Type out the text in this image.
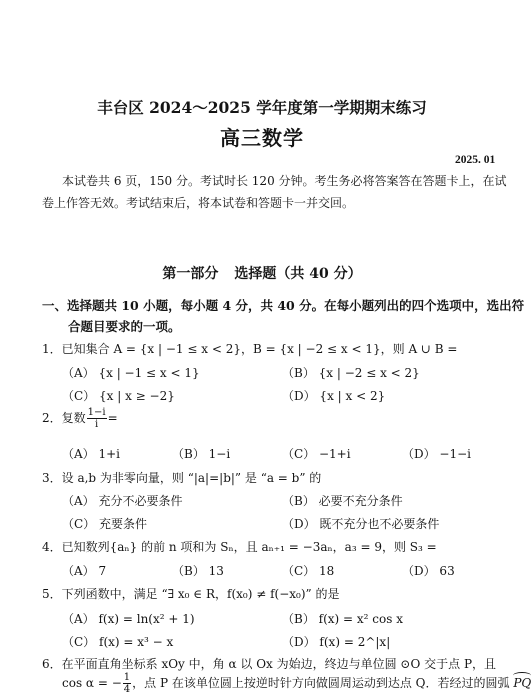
丰台区 2024～2025 学年度第一学期期末练习
高三数学
2025. 01
本试卷共 6 页，150 分。考试时长 120 分钟。考生务必将答案答在答题卡上，在试
卷上作答无效。考试结束后，将本试卷和答题卡一并交回。
第一部分 选择题（共 40 分）
一、选择题共 10 小题，每小题 4 分，共 40 分。在每小题列出的四个选项中，选出符
合题目要求的一项。
1．已知集合 A = {x | −1 ≤ x < 2}，B = {x | −2 ≤ x < 1}，则 A ∪ B =
（A） {x | −1 ≤ x < 1}	（B） {x | −2 ≤ x < 2}
（C） {x | x ≥ −2}	（D） {x | x < 2}
2．复数 $\frac{1-i}{i}$ =
（A） 1+i	（B） 1−i	（C） −1+i	（D） −1−i
3．设 a,b 为非零向量，则 “|a|=|b|” 是 “a = b” 的
（A） 充分不必要条件	（B） 必要不充分条件
（C） 充要条件	（D） 既不充分也不必要条件
4．已知数列{aₙ} 的前 n 项和为 Sₙ，且 aₙ₊₁ = −3aₙ，a₃ = 9，则 S₃ =
（A） 7	（B） 13	（C） 18	（D） 63
5．下列函数中，满足 “∃ x₀ ∈ R，f(x₀) ≠ f(−x₀)” 的是
（A） f(x) = ln(x² + 1)	（B） f(x) = x² cos x
（C） f(x) = x³ − x	（D） f(x) = 2^|x|
6．在平面直角坐标系 xOy 中，角 α 以 Ox 为始边，终边与单位圆 ⊙O 交于点 P，且
cos α = − $\frac{1}{4}$ ，点 P 在该单位圆上按逆时针方向做圆周运动到达点 Q．若经过的圆弧 PQ
